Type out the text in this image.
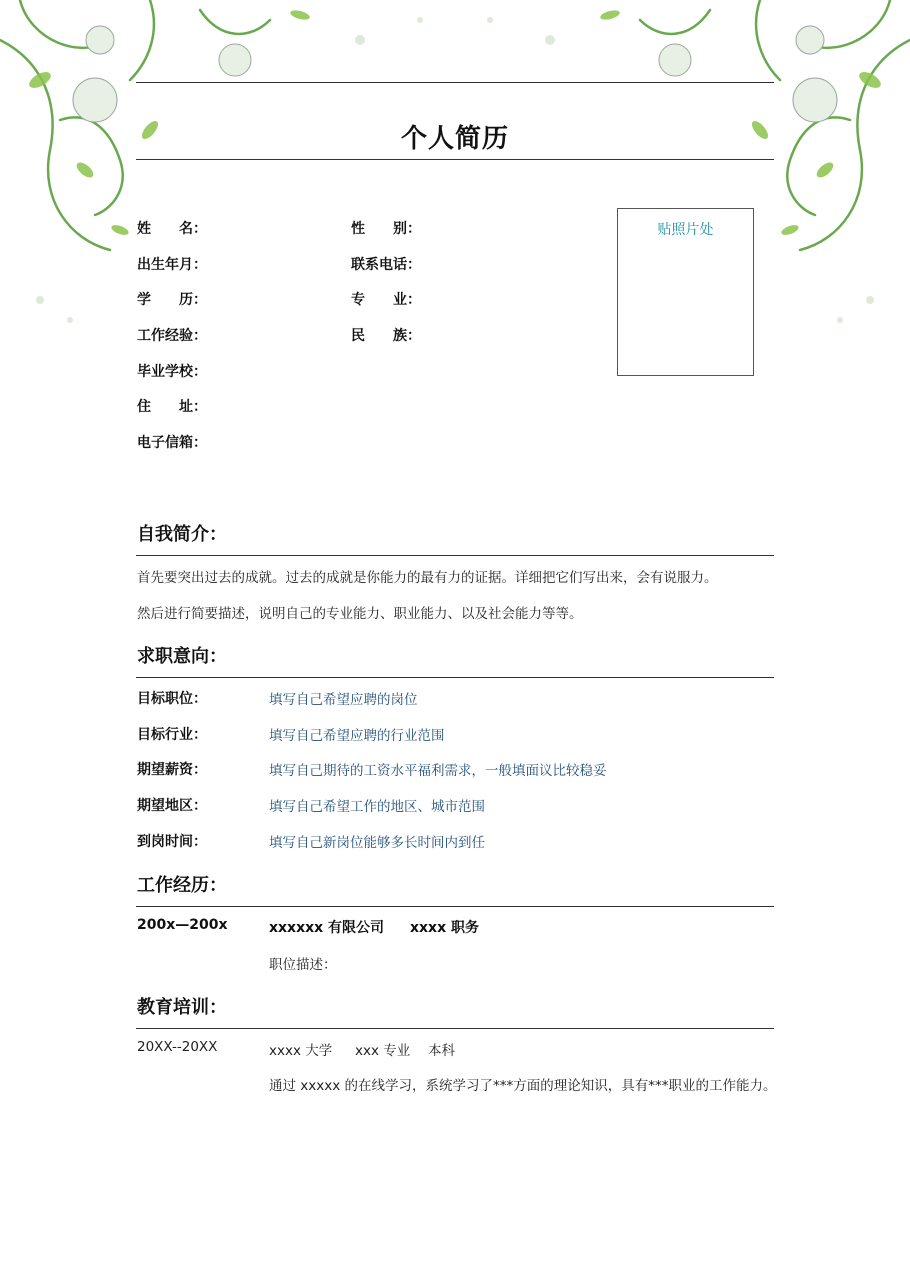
个人简历
姓　　名：	性　　别：
出生年月：	联系电话：
学　　历：	专　　业：
工作经验：	民　　族：
毕业学校：
住　　址：
电子信箱：
贴照片处
自我简介：
首先要突出过去的成就。过去的成就是你能力的最有力的证据。详细把它们写出来，会有说服力。
然后进行简要描述，说明自己的专业能力、职业能力、以及社会能力等等。
求职意向：
目标职位：	填写自己希望应聘的岗位
目标行业：	填写自己希望应聘的行业范围
期望薪资：	填写自己期待的工资水平福利需求，一般填面议比较稳妥
期望地区：	填写自己希望工作的地区、城市范围
到岗时间：	填写自己新岗位能够多长时间内到任
工作经历：
200x—200x	xxxxxx 有限公司 xxxx 职务
职位描述：
教育培训：
20XX--20XX	xxxx 大学 xxx 专业 本科
通过 xxxxx 的在线学习，系统学习了***方面的理论知识，具有***职业的工作能力。
